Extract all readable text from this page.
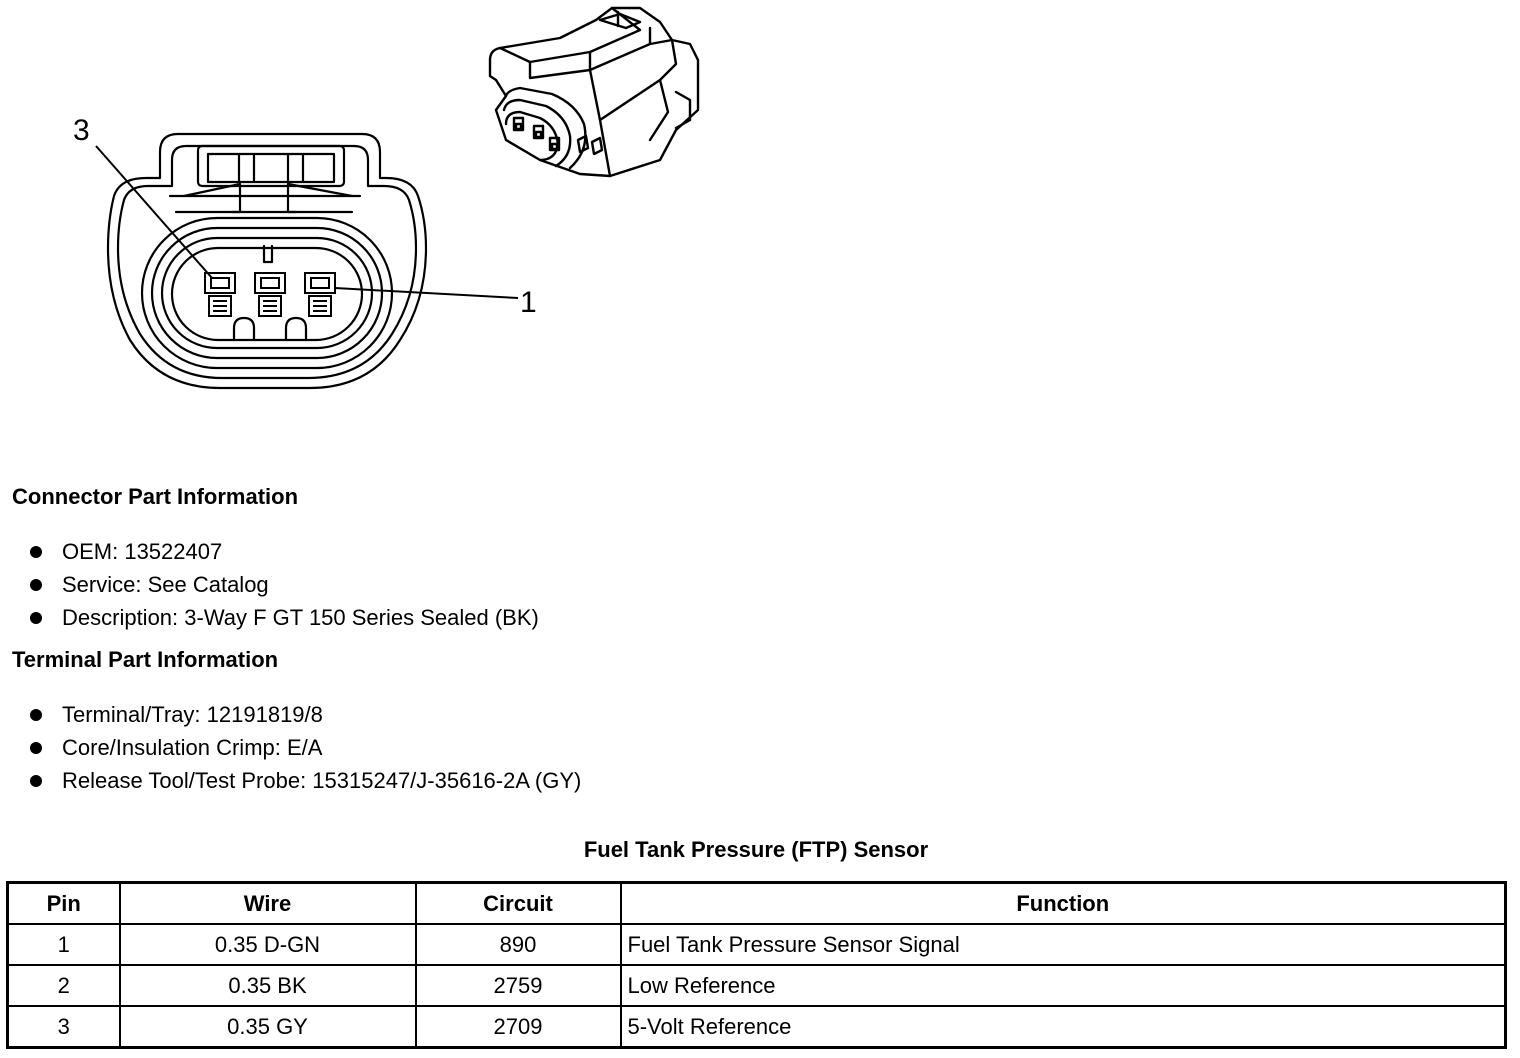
3
1
Connector Part Information
OEM: 13522407
Service: See Catalog
Description: 3-Way F GT 150 Series Sealed (BK)
Terminal Part Information
Terminal/Tray: 12191819/8
Core/Insulation Crimp: E/A
Release Tool/Test Probe: 15315247/J-35616-2A (GY)
Fuel Tank Pressure (FTP) Sensor
Pin	Wire	Circuit	Function
1	0.35 D-GN	890	Fuel Tank Pressure Sensor Signal
2	0.35 BK	2759	Low Reference
3	0.35 GY	2709	5-Volt Reference
